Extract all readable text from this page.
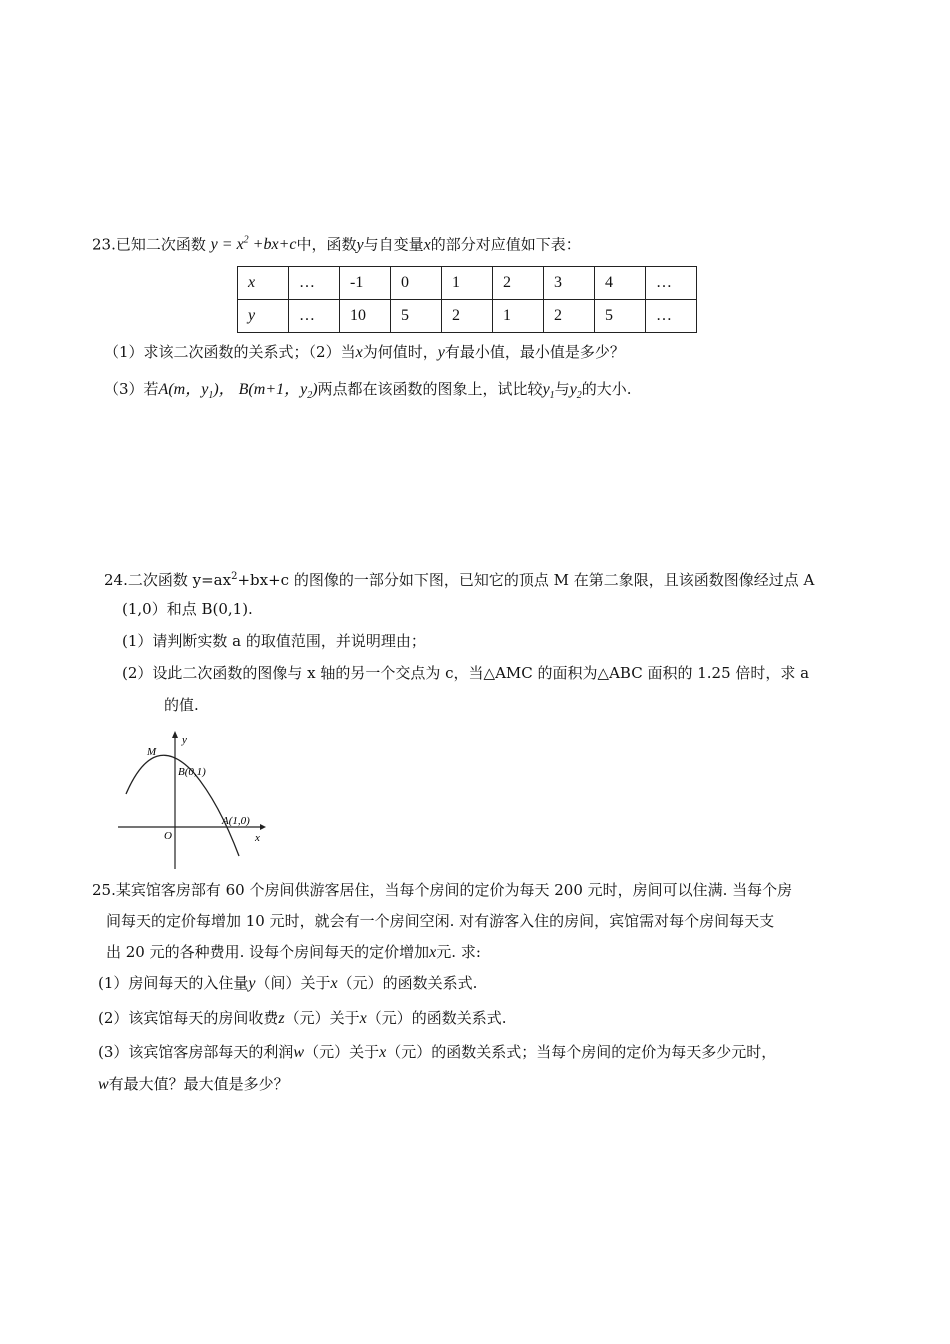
23.已知二次函数 $y = x^2 +bx+c$中，函数y与自变量x的部分对应值如下表：
x	…	-1	0	1	2	3	4	…
y	…	10	5	2	1	2	5	…
（1）求该二次函数的关系式；（2）当x为何值时，y有最小值，最小值是多少？
（3）若A(m，$y_1$)， B(m+1，$y_2$)两点都在该函数的图象上，试比较$y_1$与$y_2$的大小.
24.二次函数 $y=ax^2+bx+c$ 的图像的一部分如下图，已知它的顶点 M 在第二象限，且该函数图像经过点 A
(1,0）和点 B(0,1).
(1）请判断实数 a 的取值范围，并说明理由；
(2）设此二次函数的图像与 x 轴的另一个交点为 c，当△AMC 的面积为△ABC 面积的 1.25 倍时，求 a
的值.
y
x
M
B(0,1)
A(1,0)
O
25.某宾馆客房部有 60 个房间供游客居住，当每个房间的定价为每天 200 元时，房间可以住满. 当每个房
间每天的定价每增加 10 元时，就会有一个房间空闲. 对有游客入住的房间，宾馆需对每个房间每天支
出 20 元的各种费用. 设每个房间每天的定价增加x元. 求:
(1）房间每天的入住量y（间）关于x（元）的函数关系式.
(2）该宾馆每天的房间收费z（元）关于x（元）的函数关系式.
(3）该宾馆客房部每天的利润w（元）关于x（元）的函数关系式；当每个房间的定价为每天多少元时，
w有最大值？最大值是多少？
